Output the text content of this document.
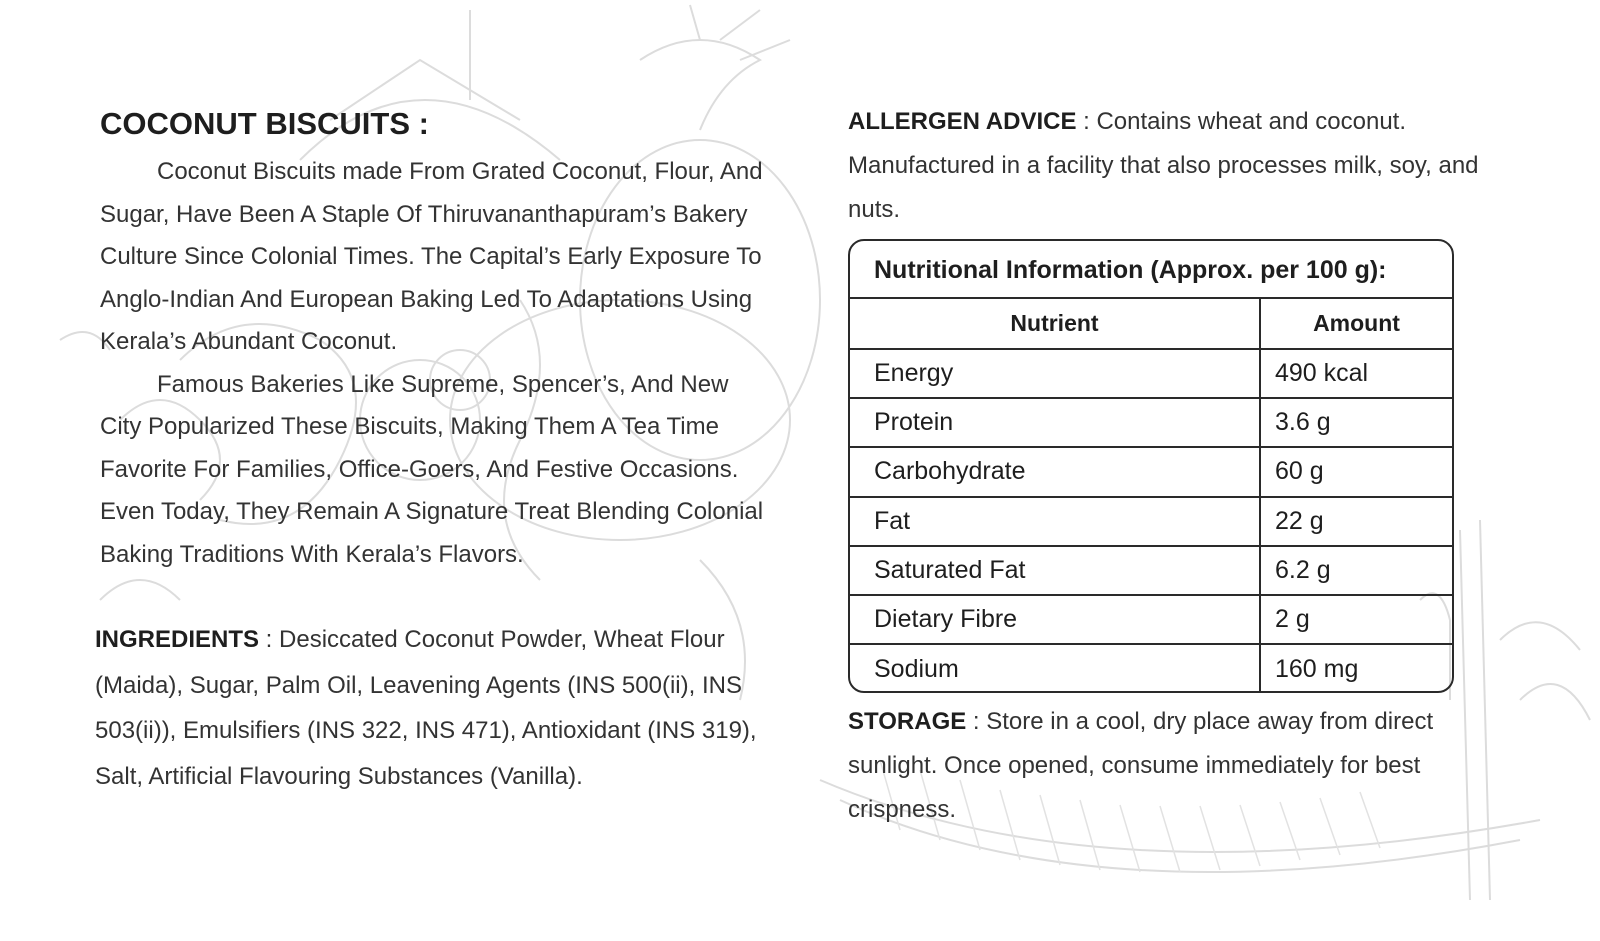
COCONUT BISCUITS :

Coconut Biscuits made From Grated Coconut, Flour, And Sugar, Have Been A Staple Of Thiruvananthapuram’s Bakery Culture Since Colonial Times. The Capital’s Early Exposure To Anglo-Indian And European Baking Led To Adaptations Using Kerala’s Abundant Coconut.

Famous Bakeries Like Supreme, Spencer’s, And New City Popularized These Biscuits, Making Them A Tea Time Favorite For Families, Office-Goers, And Festive Occasions. Even Today, They Remain A Signature Treat Blending Colonial Baking Traditions With Kerala’s Flavors.

INGREDIENTS : Desiccated Coconut Powder, Wheat Flour (Maida), Sugar, Palm Oil, Leavening Agents (INS 500(ii), INS 503(ii)), Emulsifiers (INS 322, INS 471), Antioxidant (INS 319), Salt, Artificial Flavouring Substances (Vanilla).
ALLERGEN ADVICE : Contains wheat and coconut. Manufactured in a facility that also processes milk, soy, and nuts.
Nutritional Information (Approx. per 100 g):
Nutrient	Amount
Energy	490 kcal
Protein	3.6 g
Carbohydrate	60 g
Fat	22 g
Saturated Fat	6.2 g
Dietary Fibre	2 g
Sodium	160 mg
STORAGE : Store in a cool, dry place away from direct sunlight. Once opened, consume immediately for best crispness.
